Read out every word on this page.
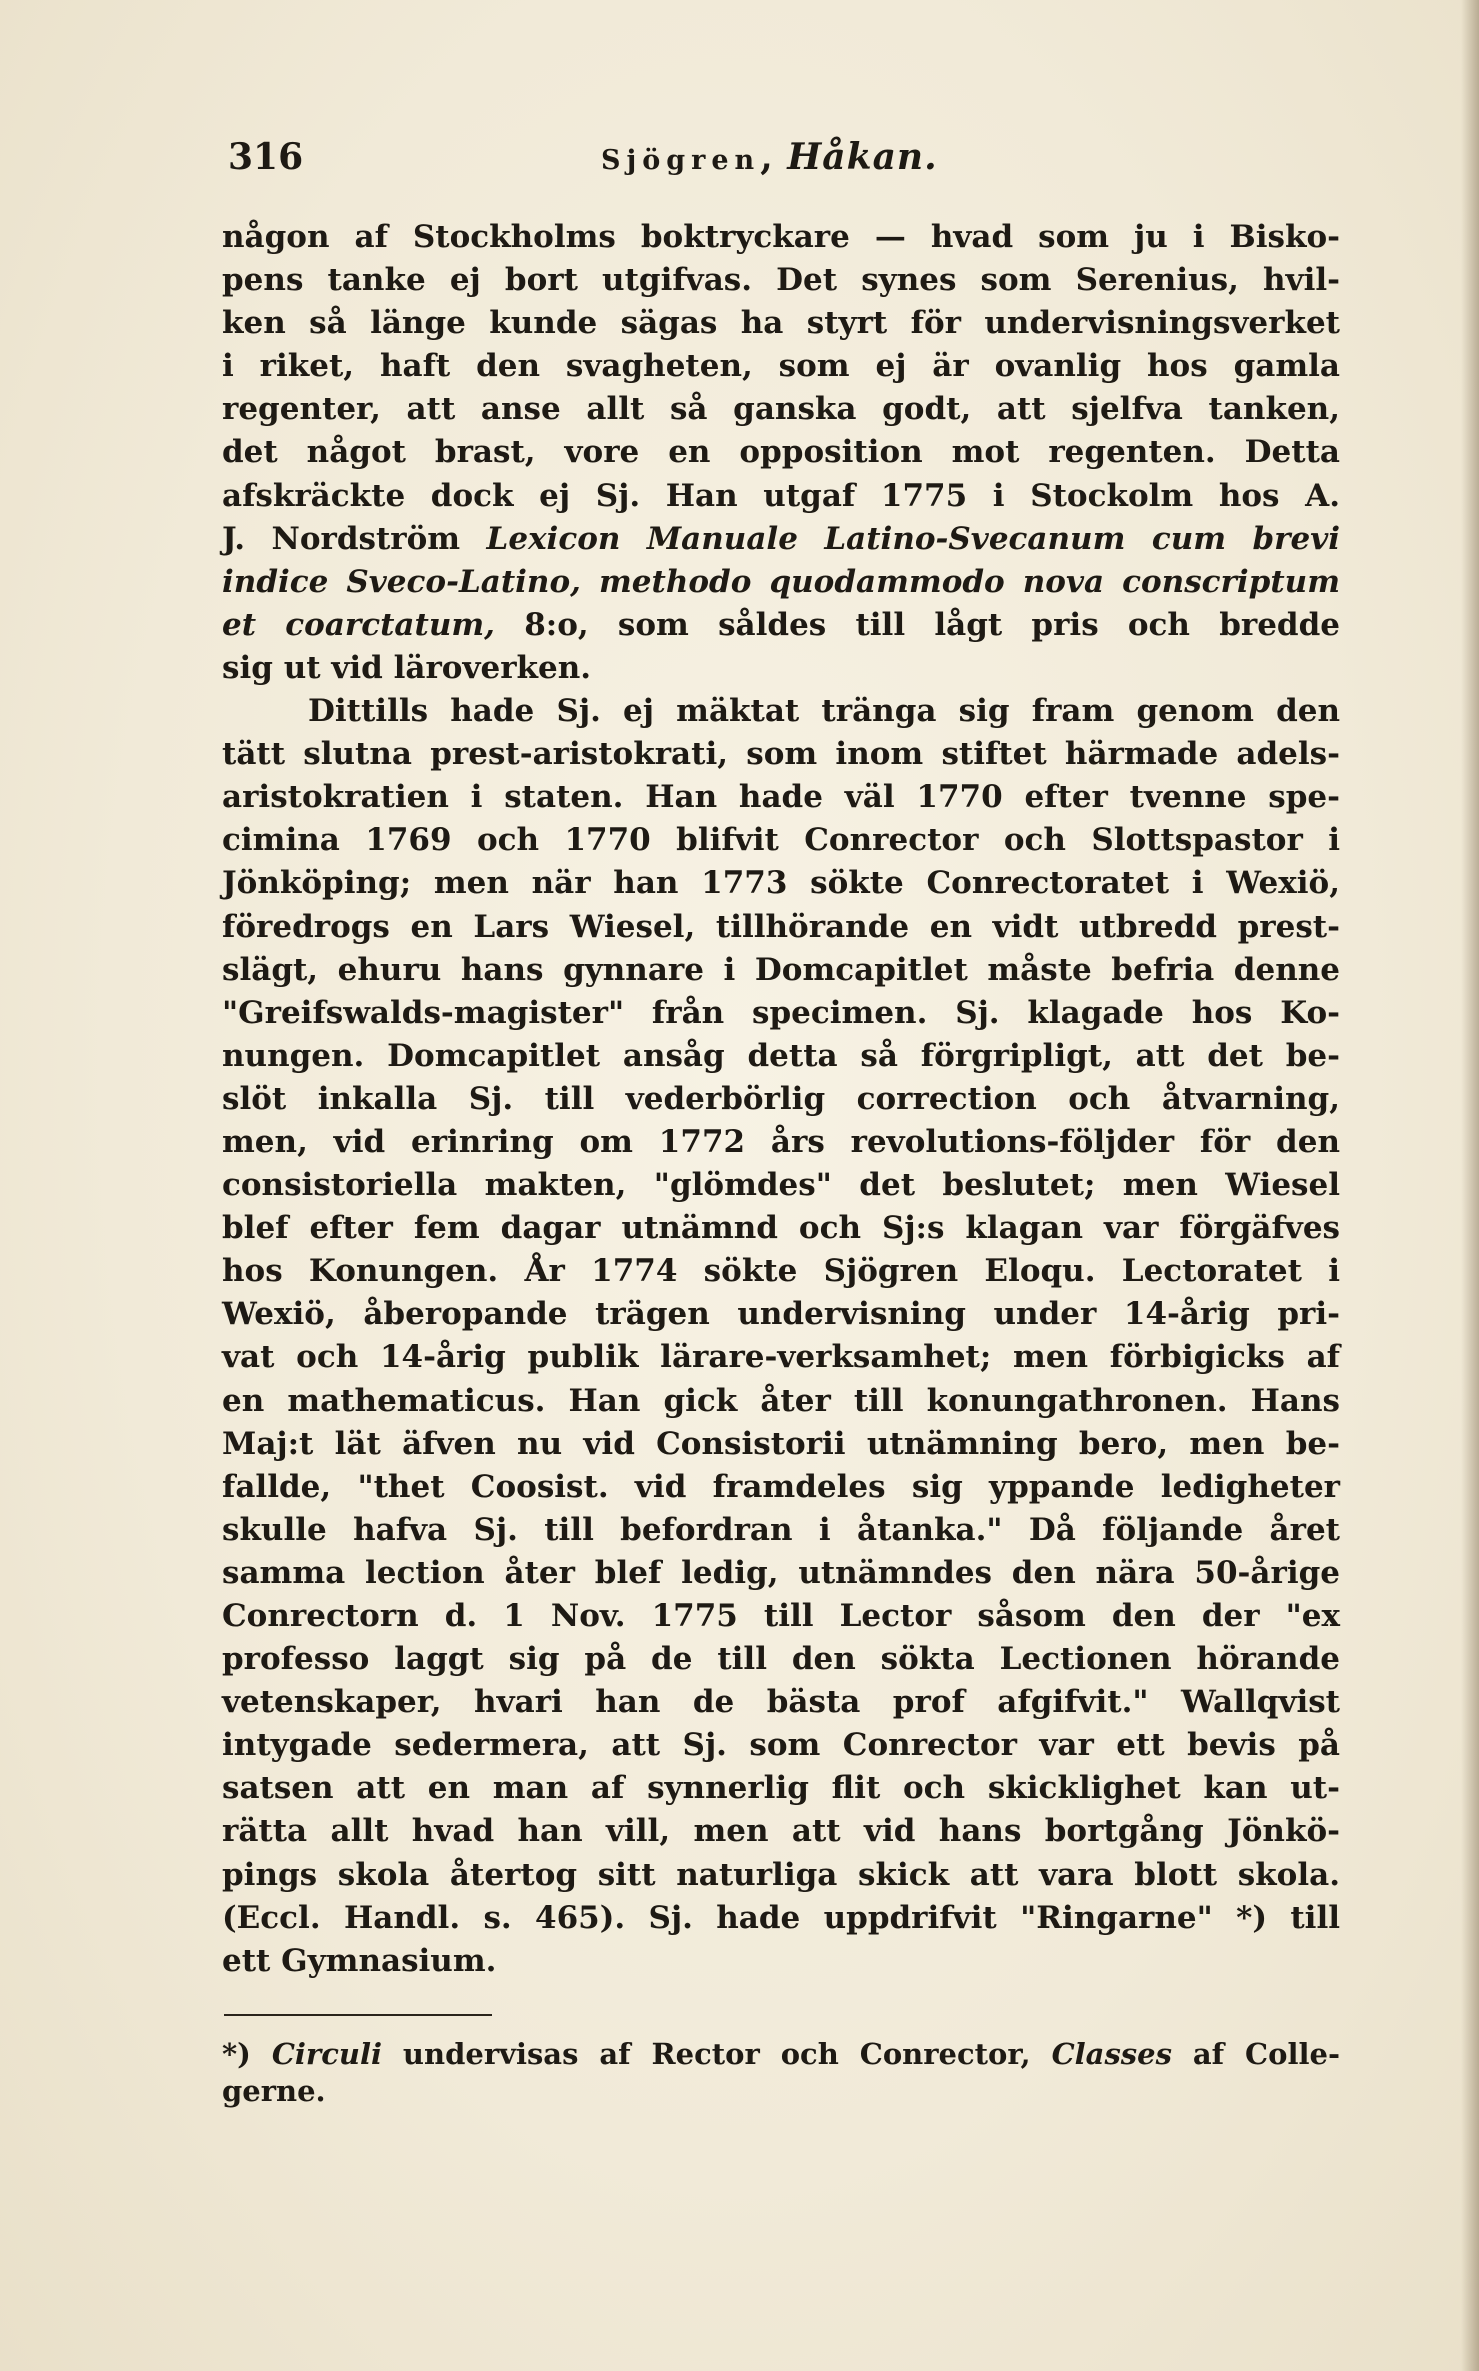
316	Sjögren, Håkan.
någon af Stockholms boktryckare — hvad som ju i Bisko-
pens tanke ej bort utgifvas. Det synes som Serenius, hvil-
ken så länge kunde sägas ha styrt för undervisningsverket
i riket, haft den svagheten, som ej är ovanlig hos gamla
regenter, att anse allt så ganska godt, att sjelfva tanken,
det något brast, vore en opposition mot regenten. Detta
afskräckte dock ej Sj. Han utgaf 1775 i Stockolm hos A.
J. Nordström Lexicon Manuale Latino-Svecanum cum brevi
indice Sveco-Latino, methodo quodammodo nova conscriptum
et coarctatum, 8:o, som såldes till lågt pris och bredde
sig ut vid läroverken.
Dittills hade Sj. ej mäktat tränga sig fram genom den
tätt slutna prest-aristokrati, som inom stiftet härmade adels-
aristokratien i staten. Han hade väl 1770 efter tvenne spe-
cimina 1769 och 1770 blifvit Conrector och Slottspastor i
Jönköping; men när han 1773 sökte Conrectoratet i Wexiö,
föredrogs en Lars Wiesel, tillhörande en vidt utbredd prest-
slägt, ehuru hans gynnare i Domcapitlet måste befria denne
"Greifswalds-magister" från specimen. Sj. klagade hos Ko-
nungen. Domcapitlet ansåg detta så förgripligt, att det be-
slöt inkalla Sj. till vederbörlig correction och åtvarning,
men, vid erinring om 1772 års revolutions-följder för den
consistoriella makten, "glömdes" det beslutet; men Wiesel
blef efter fem dagar utnämnd och Sj:s klagan var förgäfves
hos Konungen. År 1774 sökte Sjögren Eloqu. Lectoratet i
Wexiö, åberopande trägen undervisning under 14-årig pri-
vat och 14-årig publik lärare-verksamhet; men förbigicks af
en mathematicus. Han gick åter till konungathronen. Hans
Maj:t lät äfven nu vid Consistorii utnämning bero, men be-
fallde, "thet Coosist. vid framdeles sig yppande ledigheter
skulle hafva Sj. till befordran i åtanka." Då följande året
samma lection åter blef ledig, utnämndes den nära 50-årige
Conrectorn d. 1 Nov. 1775 till Lector såsom den der "ex
professo laggt sig på de till den sökta Lectionen hörande
vetenskaper, hvari han de bästa prof afgifvit." Wallqvist
intygade sedermera, att Sj. som Conrector var ett bevis på
satsen att en man af synnerlig flit och skicklighet kan ut-
rätta allt hvad han vill, men att vid hans bortgång Jönkö-
pings skola återtog sitt naturliga skick att vara blott skola.
(Eccl. Handl. s. 465). Sj. hade uppdrifvit "Ringarne" *) till
ett Gymnasium.
*) Circuli undervisas af Rector och Conrector, Classes af Colle-
gerne.
